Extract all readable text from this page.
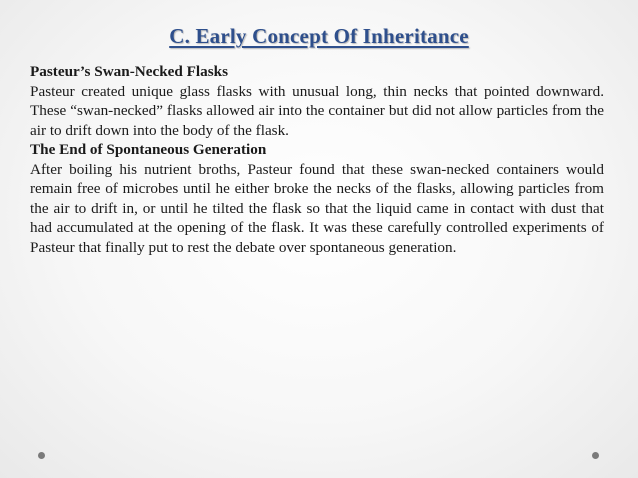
C. Early Concept Of Inheritance

Pasteur’s Swan-Necked Flasks

Pasteur created unique glass flasks with unusual long, thin necks that pointed downward. These “swan-necked” flasks allowed air into the container but did not allow particles from the air to drift down into the body of the flask.

The End of Spontaneous Generation

After boiling his nutrient broths, Pasteur found that these swan-necked containers would remain free of microbes until he either broke the necks of the flasks, allowing particles from the air to drift in, or until he tilted the flask so that the liquid came in contact with dust that had accumulated at the opening of the flask. It was these carefully controlled experiments of Pasteur that finally put to rest the debate over spontaneous generation.
